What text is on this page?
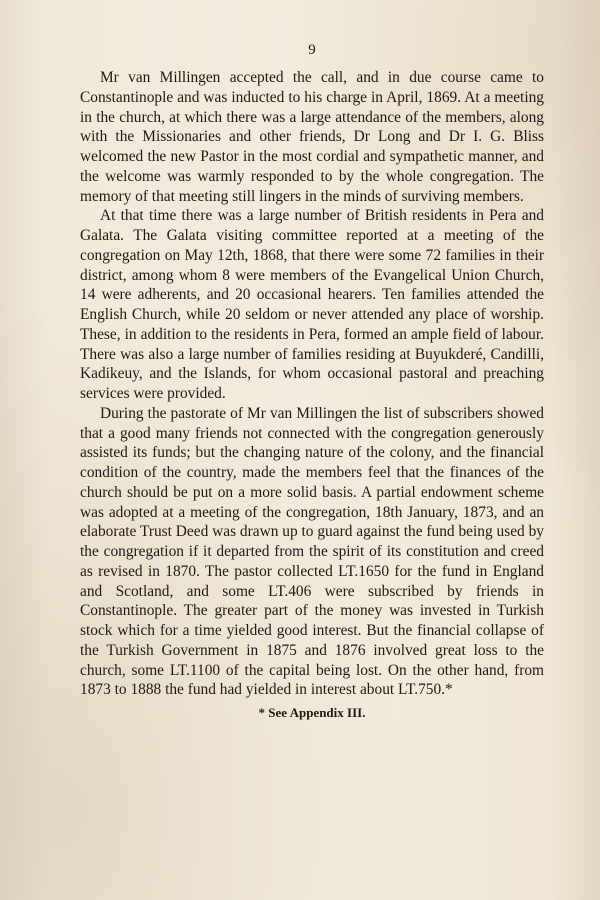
9

Mr van Millingen accepted the call, and in due course came to Constantinople and was inducted to his charge in April, 1869. At a meeting in the church, at which there was a large attendance of the members, along with the Missionaries and other friends, Dr Long and Dr I. G. Bliss welcomed the new Pastor in the most cordial and sympathetic manner, and the welcome was warmly responded to by the whole congregation. The memory of that meeting still lingers in the minds of surviving members.

At that time there was a large number of British residents in Pera and Galata. The Galata visiting committee reported at a meeting of the congregation on May 12th, 1868, that there were some 72 families in their district, among whom 8 were members of the Evangelical Union Church, 14 were adherents, and 20 occasional hearers. Ten families attended the English Church, while 20 seldom or never attended any place of worship. These, in addition to the residents in Pera, formed an ample field of labour. There was also a large number of families residing at Buyukderé, Candilli, Kadikeuy, and the Islands, for whom occasional pastoral and preaching services were provided.

During the pastorate of Mr van Millingen the list of subscribers showed that a good many friends not connected with the congregation generously assisted its funds; but the changing nature of the colony, and the financial condition of the country, made the members feel that the finances of the church should be put on a more solid basis. A partial endowment scheme was adopted at a meeting of the congregation, 18th January, 1873, and an elaborate Trust Deed was drawn up to guard against the fund being used by the congregation if it departed from the spirit of its constitution and creed as revised in 1870. The pastor collected LT.1650 for the fund in England and Scotland, and some LT.406 were subscribed by friends in Constantinople. The greater part of the money was invested in Turkish stock which for a time yielded good interest. But the financial collapse of the Turkish Government in 1875 and 1876 involved great loss to the church, some LT.1100 of the capital being lost. On the other hand, from 1873 to 1888 the fund had yielded in interest about LT.750.*

* See Appendix III.
